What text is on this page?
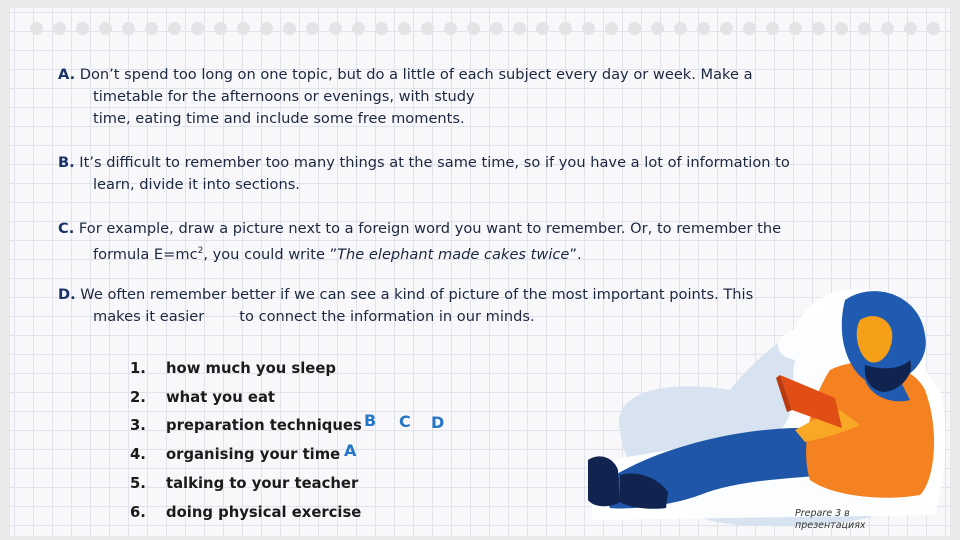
A. Don’t spend too long on one topic, but do a little of each subject every day or week. Make a
timetable for the afternoons or evenings, with study
time, eating time and include some free moments.

B. It’s difficult to remember too many things at the same time, so if you have a lot of information to
learn, divide it into sections.

C. For example, draw a picture next to a foreign word you want to remember. Or, to remember the
formula $E=mc^2$, you could write ”The elephant made cakes twice”.

D. We often remember better if we can see a kind of picture of the most important points. This
makes it easier to connect the information in our minds.

1.	how much you sleep
2.	what you eat
3.	preparation techniques
4.	organising your time
5.	talking to your teacher
6.	doing physical exercise
B C D
A
Prepare 3 в презентациях
